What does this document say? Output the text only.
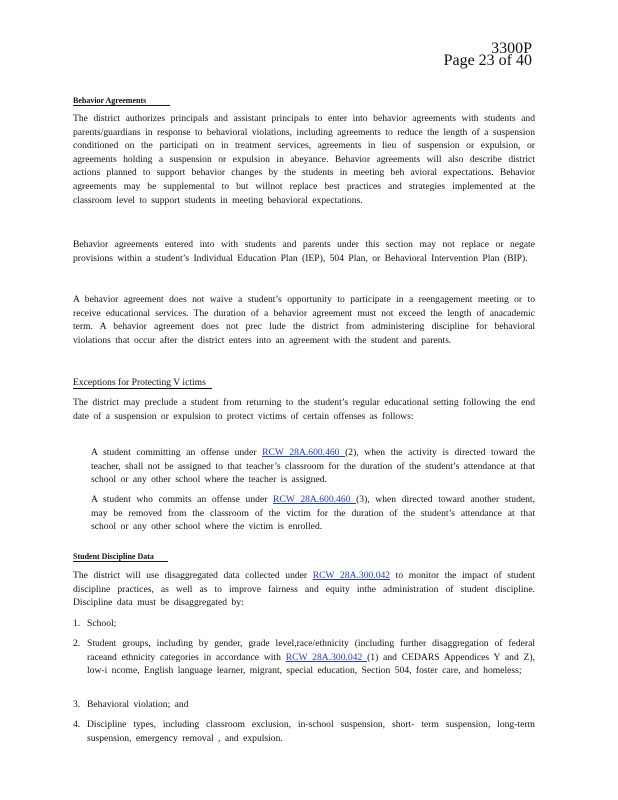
3300P
Page 23 of 40
Behavior Agreements
The district authorizes principals and assistant principals to enter into behavior agreements with students and parents/guardians in response to behavioral violations, including agreements to reduce the length of a suspension conditioned on the participati on in treatment services, agreements in lieu of suspension or expulsion, or agreements holding a suspension or expulsion in abeyance. Behavior agreements will also describe district actions planned to support behavior changes by the students in meeting beh avioral expectations. Behavior agreements may be supplemental to but willnot replace best practices and strategies implemented at the classroom level to support students in meeting behavioral expectations.
Behavior agreements entered into with students and parents under this section may not replace or negate provisions within a student’s Individual Education Plan (IEP), 504 Plan, or Behavioral Intervention Plan (BIP).
A behavior agreement does not waive a student’s opportunity to participate in a reengagement meeting or to receive educational services. The duration of a behavior agreement must not exceed the length of anacademic term. A behavior agreement does not prec lude the district from administering discipline for behavioral violations that occur after the district enters into an agreement with the student and parents.
Exceptions for Protecting V ictims
The district may preclude a student from returning to the student’s regular educational setting following the end date of a suspension or expulsion to protect victims of certain offenses as follows:
A student committing an offense under RCW 28A.600.460 (2), when the activity is directed toward the teacher, shall not be assigned to that teacher’s classroom for the duration of the student’s attendance at that school or any other school where the teacher is assigned.
A student who commits an offense under RCW 28A.600.460 (3), when directed toward another student, may be removed from the classroom of the victim for the duration of the student’s attendance at that school or any other school where the victim is enrolled.
Student Discipline Data
The district will use disaggregated data collected under RCW 28A.300.042 to monitor the impact of student discipline practices, as well as to improve fairness and equity inthe administration of student discipline. Discipline data must be disaggregated by:
1. School;
2. Student groups, including by gender, grade level,race/ethnicity (including further disaggregation of federal raceand ethnicity categories in accordance with RCW 28A.300.042 (1) and CEDARS Appendices Y and Z), low-i ncome, English language learner, migrant, special education, Section 504, foster care, and homeless;
3. Behavioral violation; and
4. Discipline types, including classroom exclusion, in-school suspension, short- term suspension, long-term suspension, emergency removal , and expulsion.
